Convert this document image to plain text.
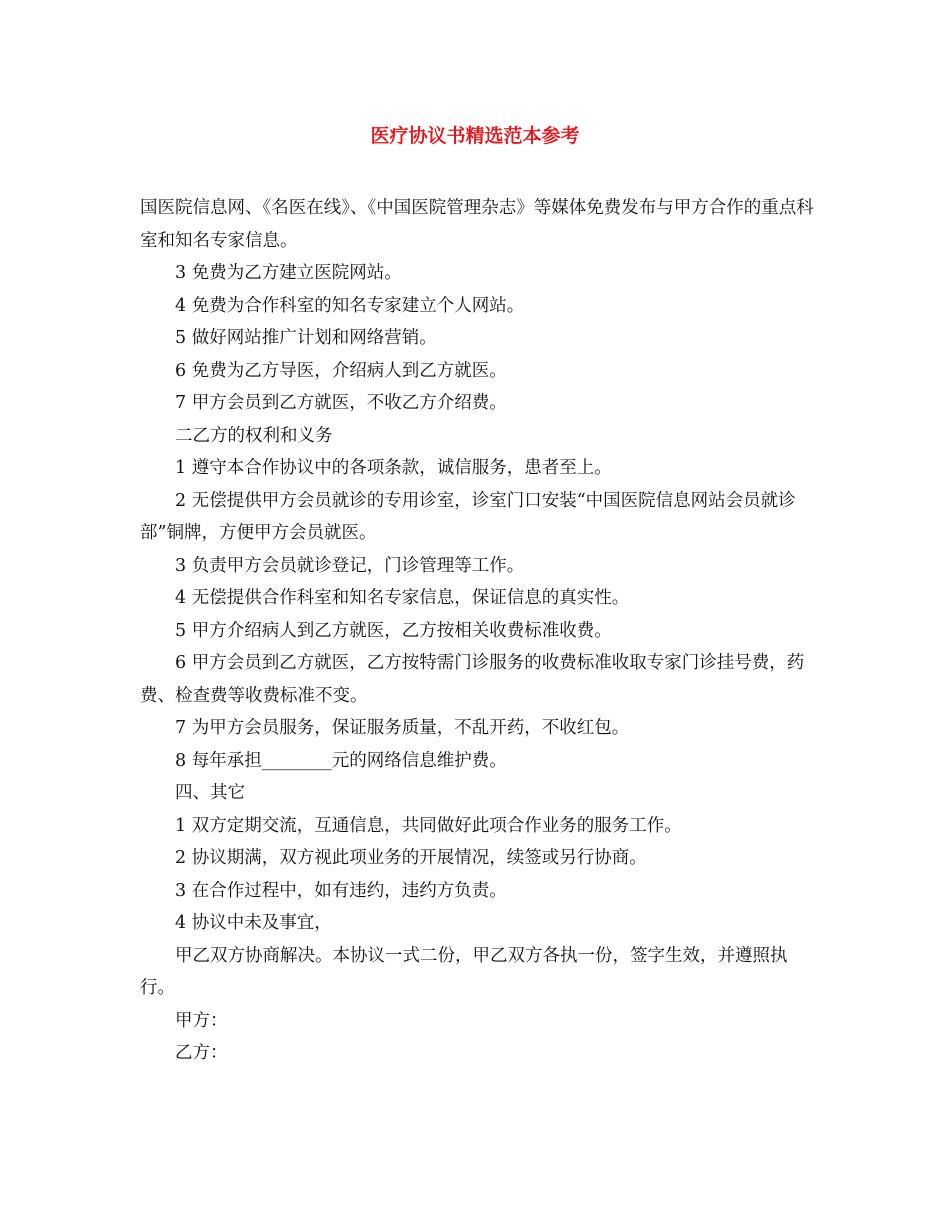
医疗协议书精选范本参考

国医院信息网、《名医在线》、《中国医院管理杂志》等媒体免费发布与甲方合作的重点科室和知名专家信息。

3 免费为乙方建立医院网站。

4 免费为合作科室的知名专家建立个人网站。

5 做好网站推广计划和网络营销。

6 免费为乙方导医，介绍病人到乙方就医。

7 甲方会员到乙方就医，不收乙方介绍费。

二乙方的权利和义务

1 遵守本合作协议中的各项条款，诚信服务，患者至上。

2 无偿提供甲方会员就诊的专用诊室，诊室门口安装“中国医院信息网站会员就诊部”铜牌，方便甲方会员就医。

3 负责甲方会员就诊登记，门诊管理等工作。

4 无偿提供合作科室和知名专家信息，保证信息的真实性。

5 甲方介绍病人到乙方就医，乙方按相关收费标准收费。

6 甲方会员到乙方就医，乙方按特需门诊服务的收费标准收取专家门诊挂号费，药费、检查费等收费标准不变。

7 为甲方会员服务，保证服务质量，不乱开药，不收红包。

8 每年承担________元的网络信息维护费。

四、其它

1 双方定期交流，互通信息，共同做好此项合作业务的服务工作。

2 协议期满，双方视此项业务的开展情况，续签或另行协商。

3 在合作过程中，如有违约，违约方负责。

4 协议中未及事宜，

甲乙双方协商解决。本协议一式二份，甲乙双方各执一份，签字生效，并遵照执行。

甲方：

乙方：
